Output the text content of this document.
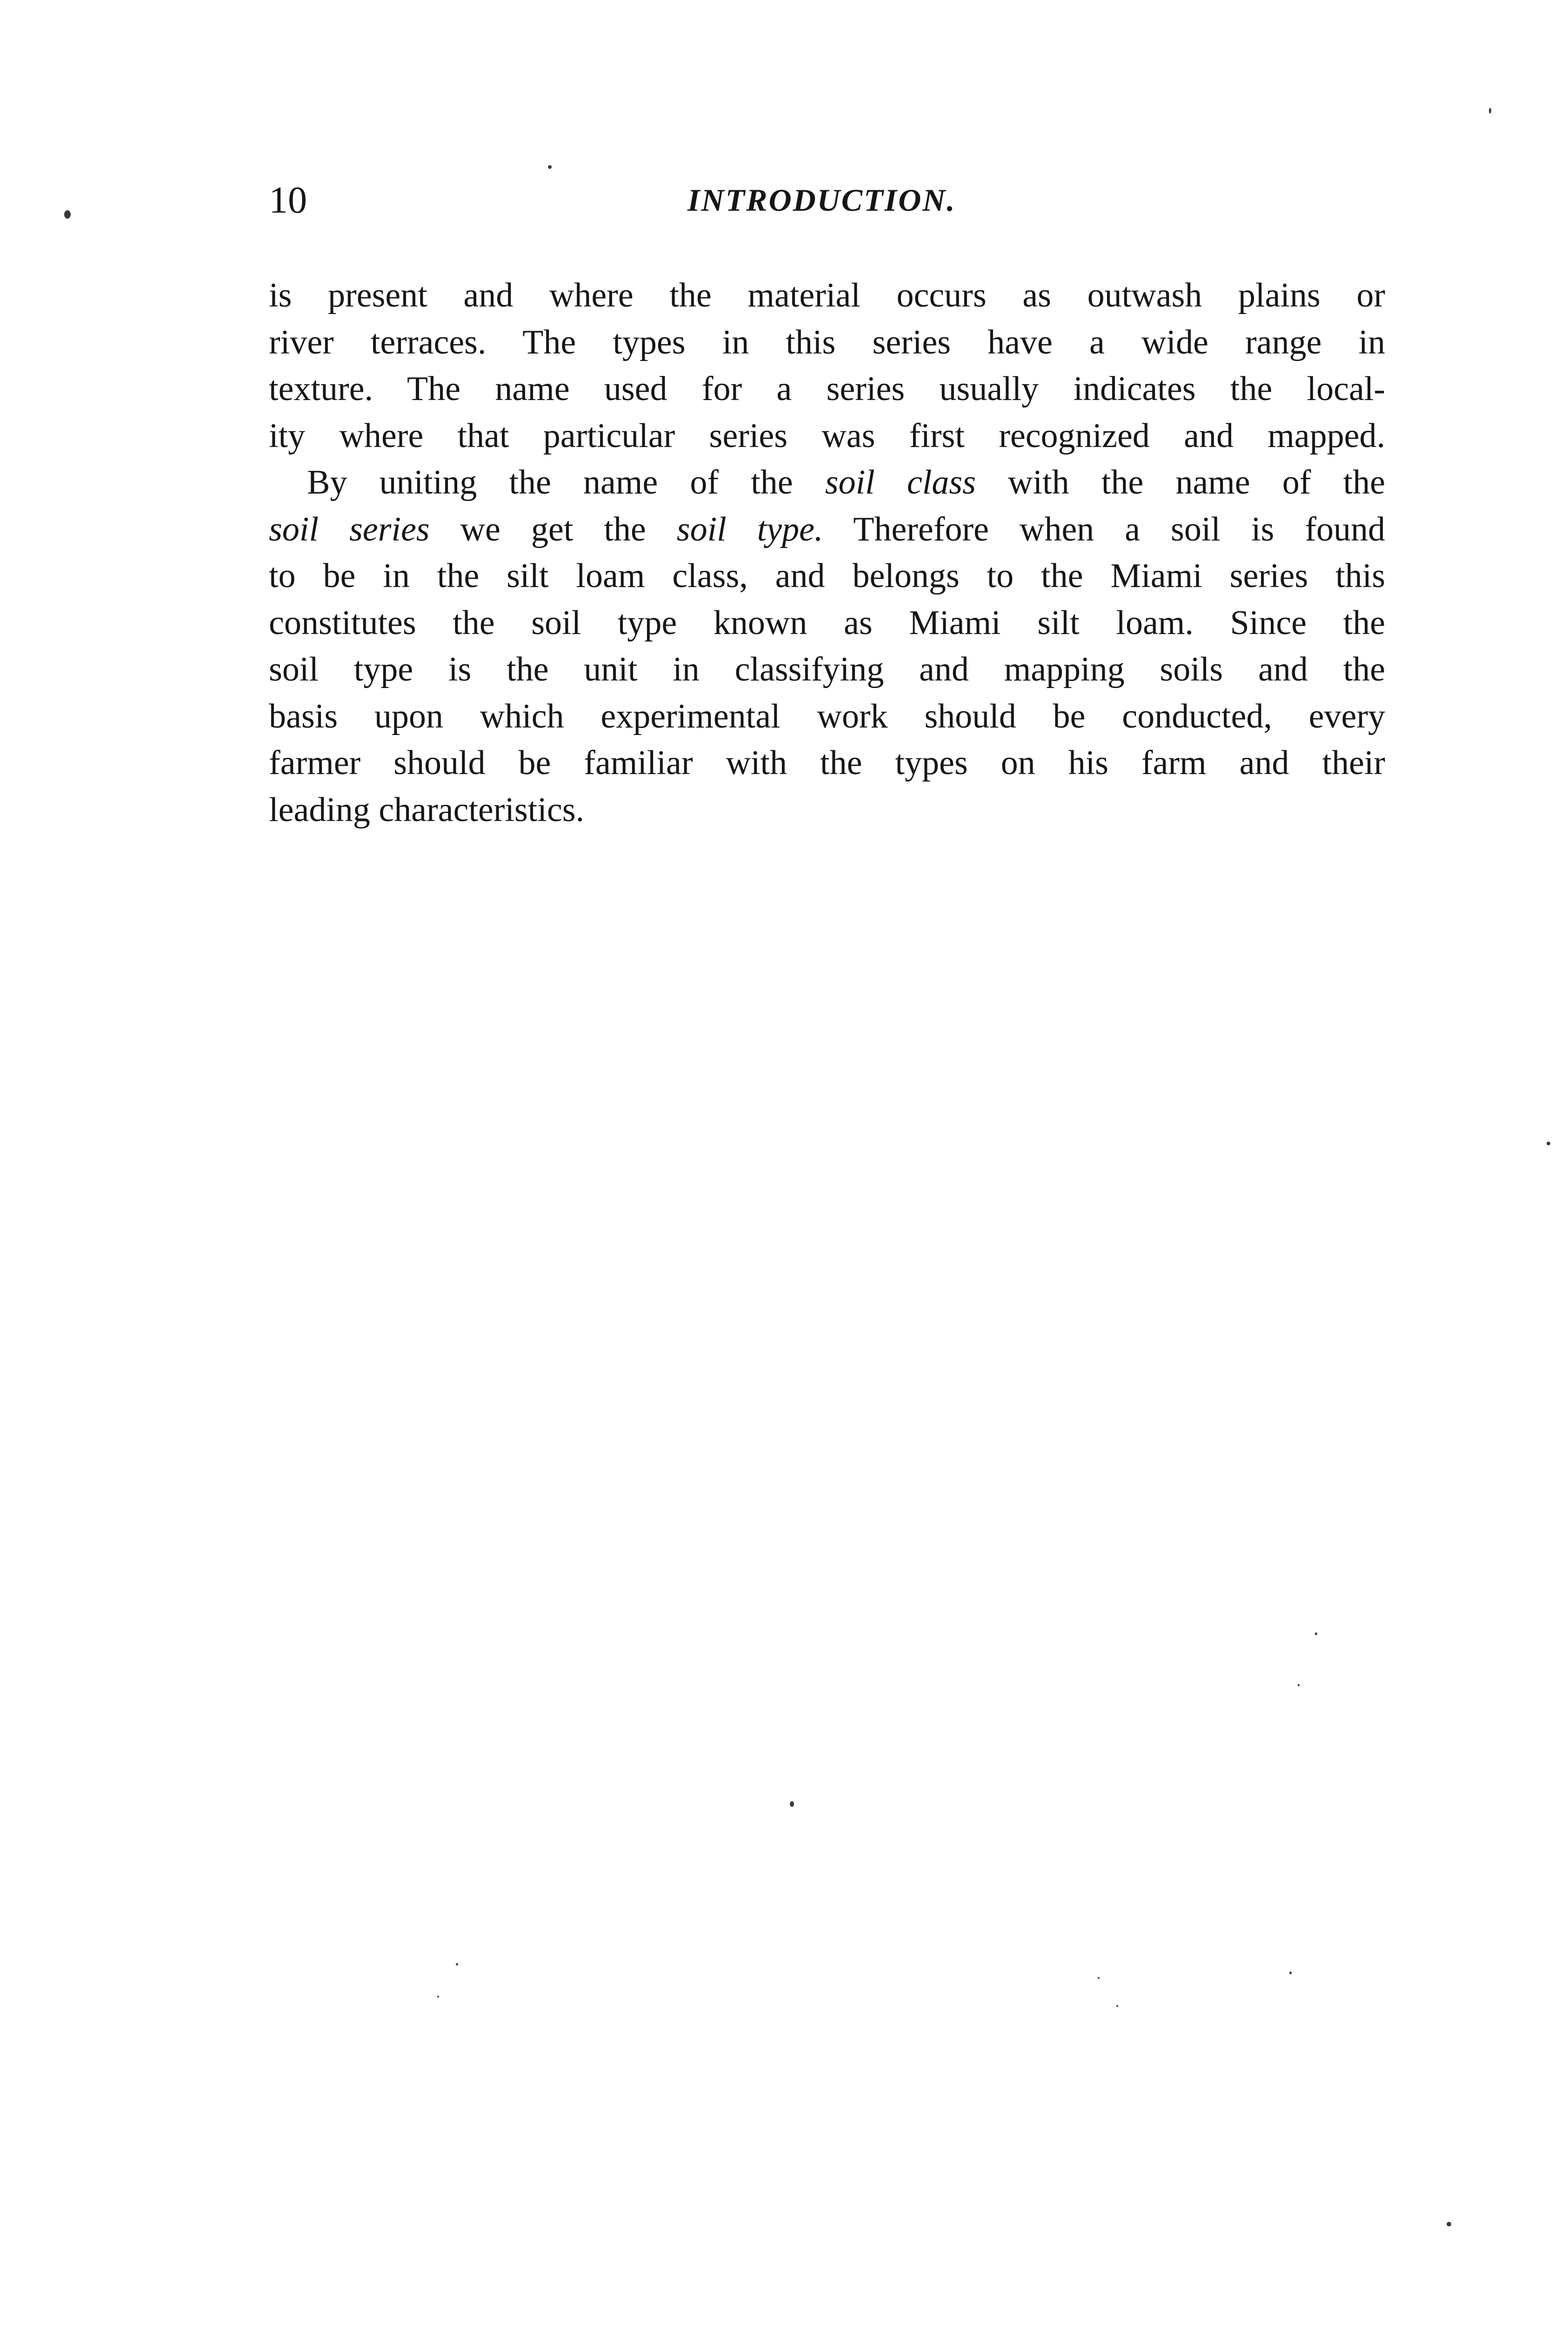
10	INTRODUCTION.
is present and where the material occurs as outwash plains or
river terraces. The types in this series have a wide range in
texture. The name used for a series usually indicates the local-
ity where that particular series was first recognized and mapped.
By uniting the name of the soil class with the name of the
soil series we get the soil type. Therefore when a soil is found
to be in the silt loam class, and belongs to the Miami series this
constitutes the soil type known as Miami silt loam. Since the
soil type is the unit in classifying and mapping soils and the
basis upon which experimental work should be conducted, every
farmer should be familiar with the types on his farm and their
leading characteristics.
